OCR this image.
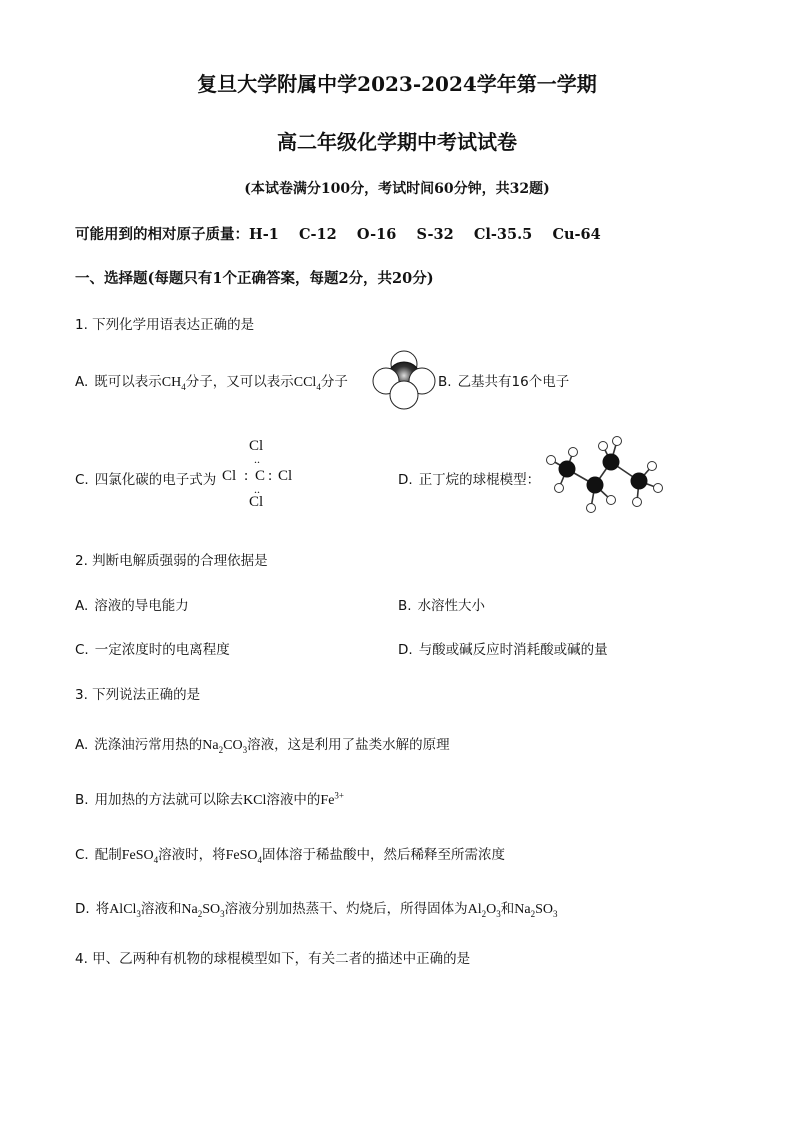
复旦大学附属中学2023-2024学年第一学期
高二年级化学期中考试试卷
(本试卷满分100分，考试时间60分钟，共32题)
可能用到的相对原子质量：H-1    C-12    O-16    S-32    Cl-35.5    Cu-64
一、选择题(每题只有1个正确答案，每题2分，共20分)
1. 下列化学用语表达正确的是
A. 既可以表示$CH_4$分子，又可以表示CCl$_4$分子	B. 乙基共有16个电子
C. 四氯化碳的电子式为
Cl
..
Cl : C : Cl
..
Cl
D. 正丁烷的球棍模型：
2. 判断电解质强弱的合理依据是
A. 溶液的导电能力	B. 水溶性大小
C. 一定浓度时的电离程度	D. 与酸或碱反应时消耗酸或碱的量
3. 下列说法正确的是
A. 洗涤油污常用热的$Na_2CO_3$溶液，这是利用了盐类水解的原理
B. 用加热的方法就可以除去KCl溶液中的$Fe^{3+}$
C. 配制FeSO$_4$溶液时，将FeSO$_4$固体溶于稀盐酸中，然后稀释至所需浓度
D. 将AlCl$_3$溶液和$Na_2SO_3$溶液分别加热蒸干、灼烧后，所得固体为$Al_2O_3$和$Na_2SO_3$
4. 甲、乙两种有机物的球棍模型如下，有关二者的描述中正确的是
